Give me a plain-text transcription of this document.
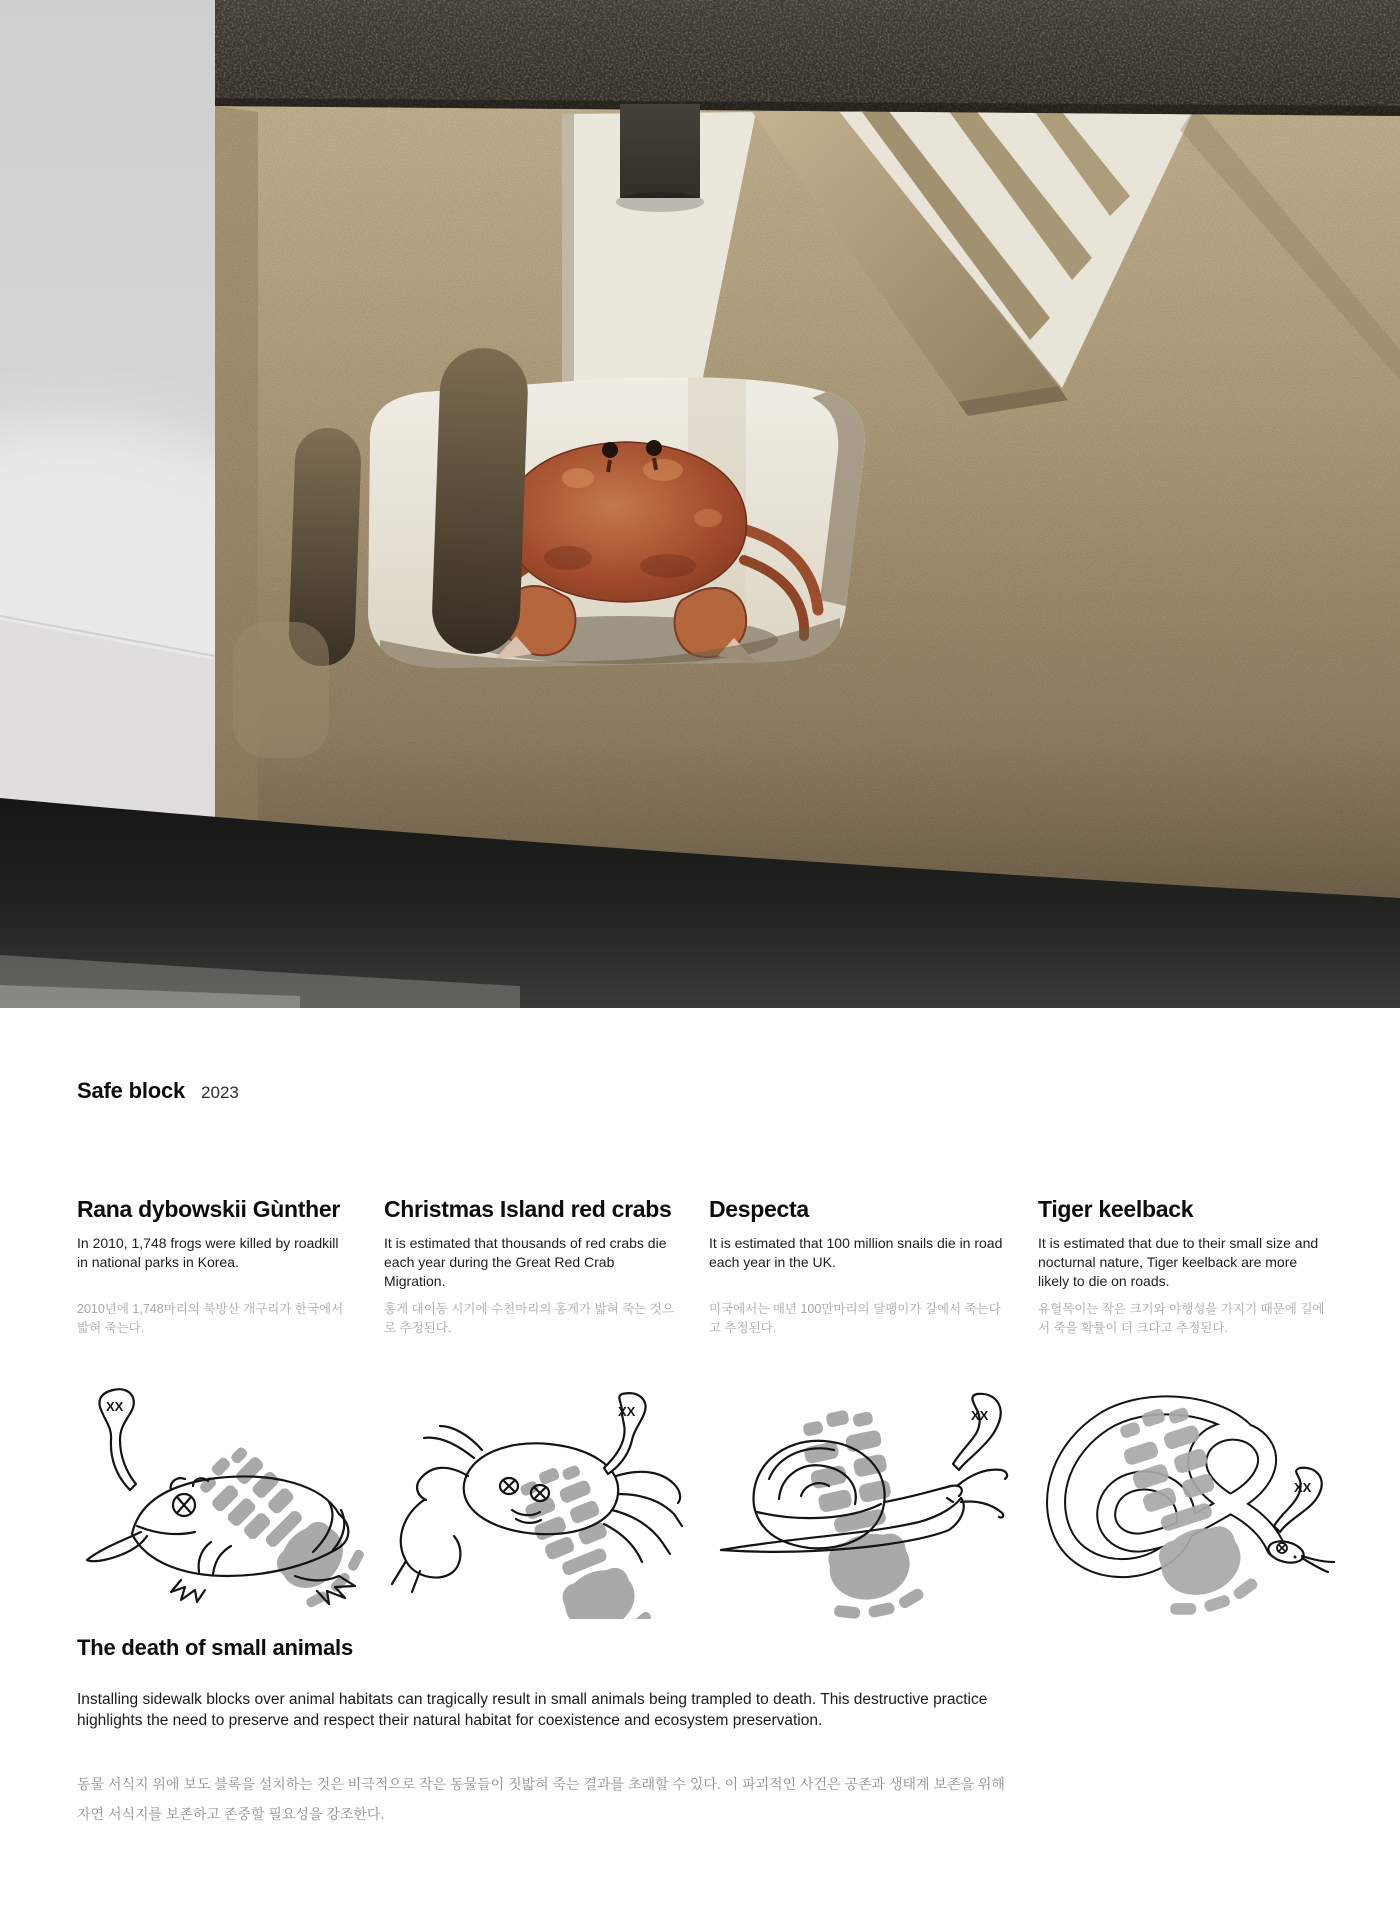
Safe block 2023
Rana dybowskii Gùnther

In 2010, 1,748 frogs were killed by roadkill in national parks in Korea.

2010년에 1,748마리의 북방산 개구리가 한국에서 밟혀 죽는다.

Christmas Island red crabs

It is estimated that thousands of red crabs die each year during the Great Red Crab Migration.

홍게 대이동 시기에 수천마리의 홍게가 밟혀 죽는 것으로 추정된다.

Despecta

It is estimated that 100 million snails die in road each year in the UK.

미국에서는 매년 100만마리의 달팽이가 길에서 죽는다고 추정된다.

Tiger keelback

It is estimated that due to their small size and nocturnal nature, Tiger keelback are more likely to die on roads.

유혈목이는 작은 크기와 야행성을 가지기 때문에 길에서 죽을 확률이 더 크다고 추정된다.

XX	XX	XX
XX
The death of small animals

Installing sidewalk blocks over animal habitats can tragically result in small animals being trampled to death. This destructive practice highlights the need to preserve and respect their natural habitat for coexistence and ecosystem preservation.

동물 서식지 위에 보도 블록을 설치하는 것은 비극적으로 작은 동물들이 짓밟혀 죽는 결과를 초래할 수 있다. 이 파괴적인 사건은 공존과 생태계 보존을 위해 자연 서식지를 보존하고 존중할 필요성을 강조한다.
